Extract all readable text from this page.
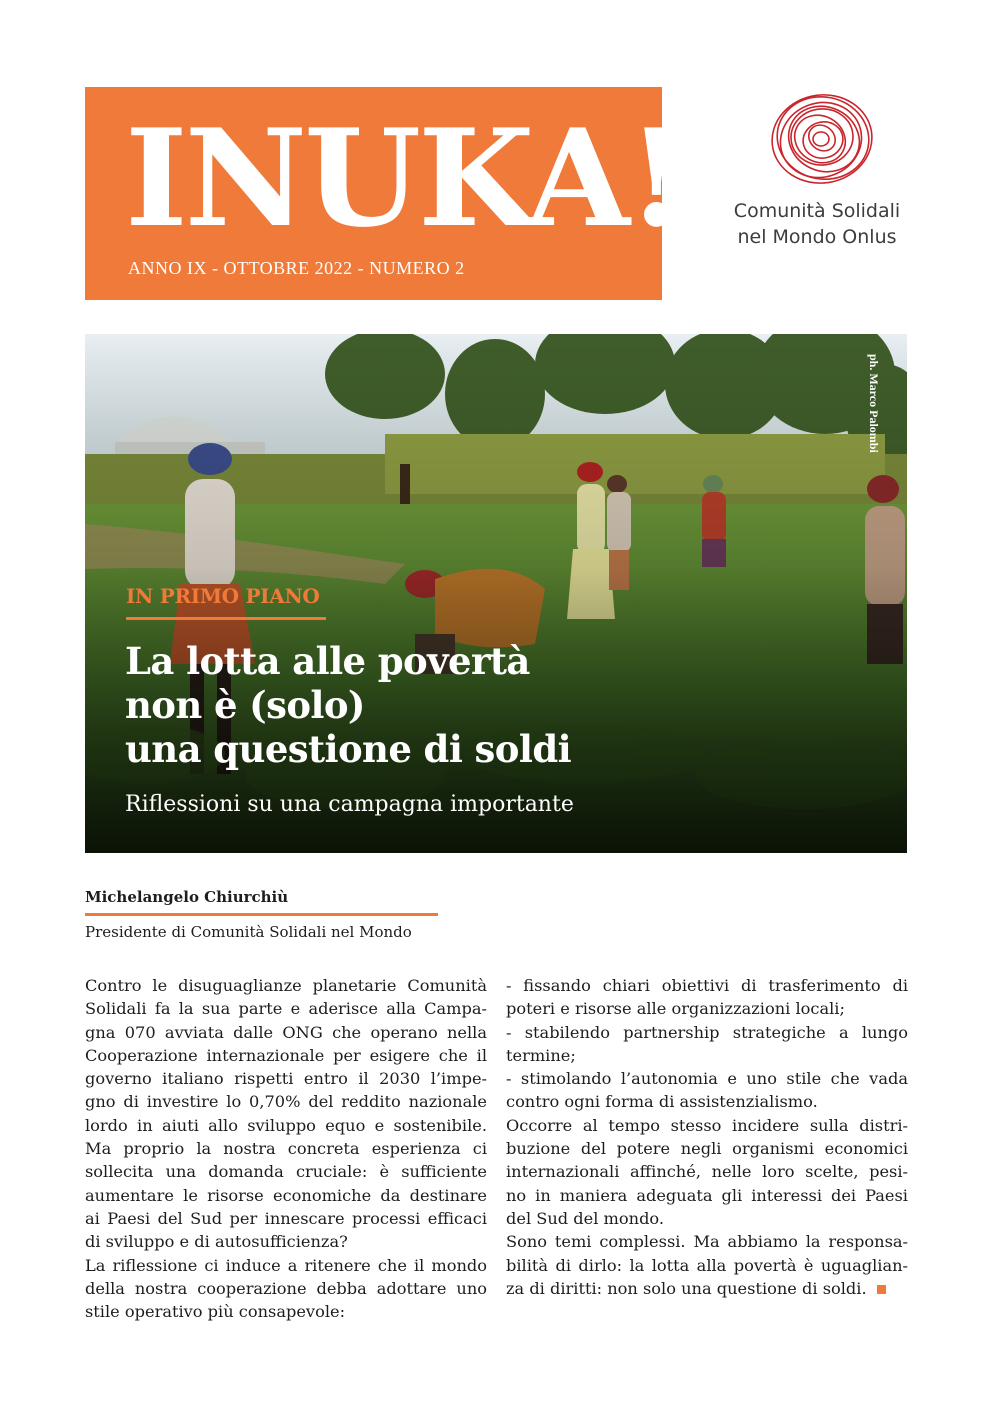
INUKA!
ANNO IX - OTTOBRE 2022 - NUMERO 2
Comunità Solidali
nel Mondo Onlus
ph. Marco Palombi
IN PRIMO PIANO
La lotta alle povertà
non è (solo)
una questione di soldi
Riflessioni su una campagna importante
Michelangelo Chiurchiù
Presidente di Comunità Solidali nel Mondo
Contro le disuguaglianze planetarie Comunità
Solidali fa la sua parte e aderisce alla Campa-
gna 070 avviata dalle ONG che operano nella
Cooperazione internazionale per esigere che il
governo italiano rispetti entro il 2030 l’impe-
gno di investire lo 0,70% del reddito nazionale
lordo in aiuti allo sviluppo equo e sostenibile.
Ma proprio la nostra concreta esperienza ci
sollecita una domanda cruciale: è sufficiente
aumentare le risorse economiche da destinare
ai Paesi del Sud per innescare processi efficaci
di sviluppo e di autosufficienza?
La riflessione ci induce a ritenere che il mondo
della nostra cooperazione debba adottare uno
stile operativo più consapevole:
- fissando chiari obiettivi di trasferimento di
poteri e risorse alle organizzazioni locali;
- stabilendo partnership strategiche a lungo
termine;
- stimolando l’autonomia e uno stile che vada
contro ogni forma di assistenzialismo.
Occorre al tempo stesso incidere sulla distri-
buzione del potere negli organismi economici
internazionali affinché, nelle loro scelte, pesi-
no in maniera adeguata gli interessi dei Paesi
del Sud del mondo.
Sono temi complessi. Ma abbiamo la responsa-
bilità di dirlo: la lotta alla povertà è uguaglian-
za di diritti: non solo una questione di soldi.
